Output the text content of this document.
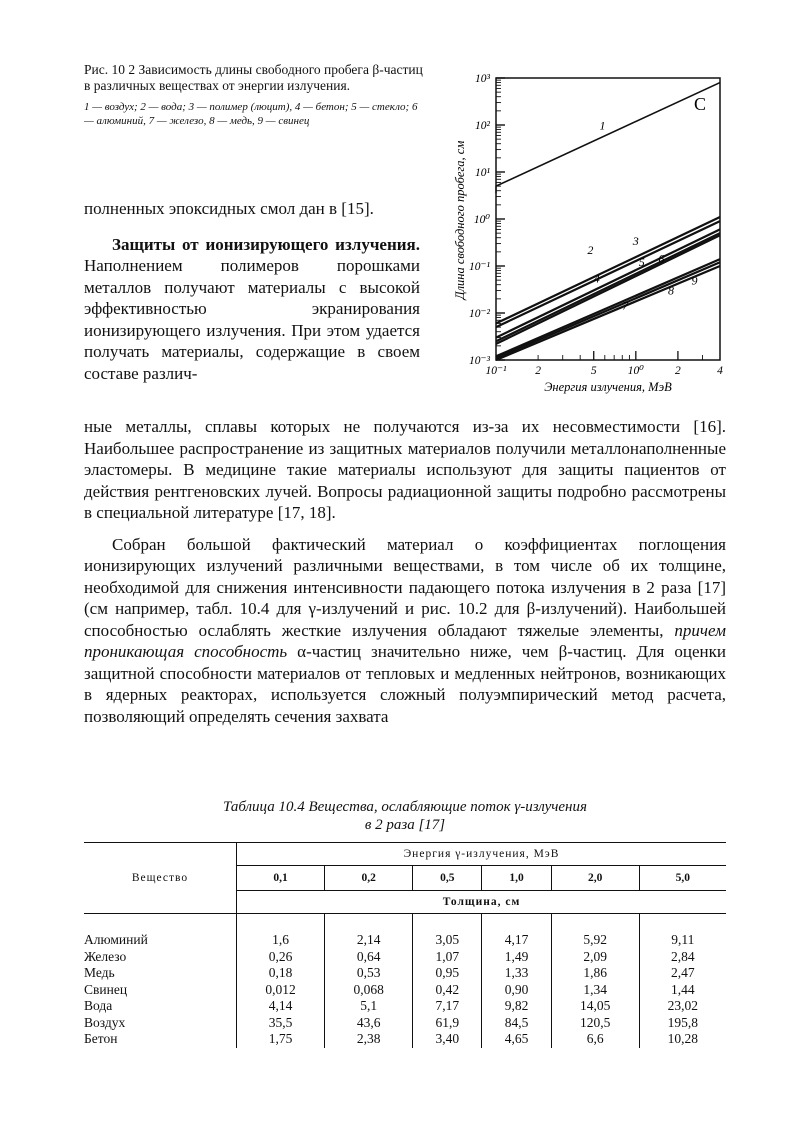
Рис. 10 2 Зависимость длины свободного пробега β-частиц в различных веществах от энергии излучения.
1 — воздух; 2 — вода; 3 — полимер (люцит), 4 — бетон; 5 — стекло; 6 — алюминий, 7 — железо, 8 — медь, 9 — свинец
10³
10²
10¹
10⁰
10⁻¹
10⁻²
10⁻³
10⁻¹ 2	5	10⁰	2	4
1
2
3
4
5 6
7
8
9
С
Длина свободного пробега, см
Энергия излучения, МэВ

полненных эпоксидных смол дан в [15].

Защиты от ионизирующего излучения. Наполнением полимеров порошками металлов получают материалы с высокой эффективностью экранирования ионизирующего излучения. При этом удается получать материалы, содержащие в своем составе различ-

ные металлы, сплавы которых не получаются из-за их несовместимости [16]. Наибольшее распространение из защитных материалов получили металлонаполненные эластомеры. В медицине такие материалы используют для защиты пациентов от действия рентгеновских лучей. Вопросы радиационной защиты подробно рассмотрены в специальной литературе [17, 18].

Собран большой фактический материал о коэффициентах поглощения ионизирующих излучений различными веществами, в том числе об их толщине, необходимой для снижения интенсивности падающего потока излучения в 2 раза [17] (см например, табл. 10.4 для γ-излучений и рис. 10.2 для β-излучений). Наибольшей способностью ослаблять жесткие излучения обладают тяжелые элементы, причем проникающая способность α-частиц значительно ниже, чем β-частиц. Для оценки защитной способности материалов от тепловых и медленных нейтронов, возникающих в ядерных реакторах, используется сложный полуэмпирический метод расчета, позволяющий определять сечения захвата

Таблица 10.4 Вещества, ослабляющие поток γ-излучения
в 2 раза [17]
Вещество	Энергия γ-излучения, МэВ					
	0,1	0,2	0,5	1,0	2,0	5,0
	Толщина, см					
Алюминий	1,6	2,14	3,05	4,17	5,92	9,11
Железо	0,26	0,64	1,07	1,49	2,09	2,84
Медь	0,18	0,53	0,95	1,33	1,86	2,47
Свинец	0,012	0,068	0,42	0,90	1,34	1,44
Вода	4,14	5,1	7,17	9,82	14,05	23,02
Воздух	35,5	43,6	61,9	84,5	120,5	195,8
Бетон	1,75	2,38	3,40	4,65	6,6	10,28
